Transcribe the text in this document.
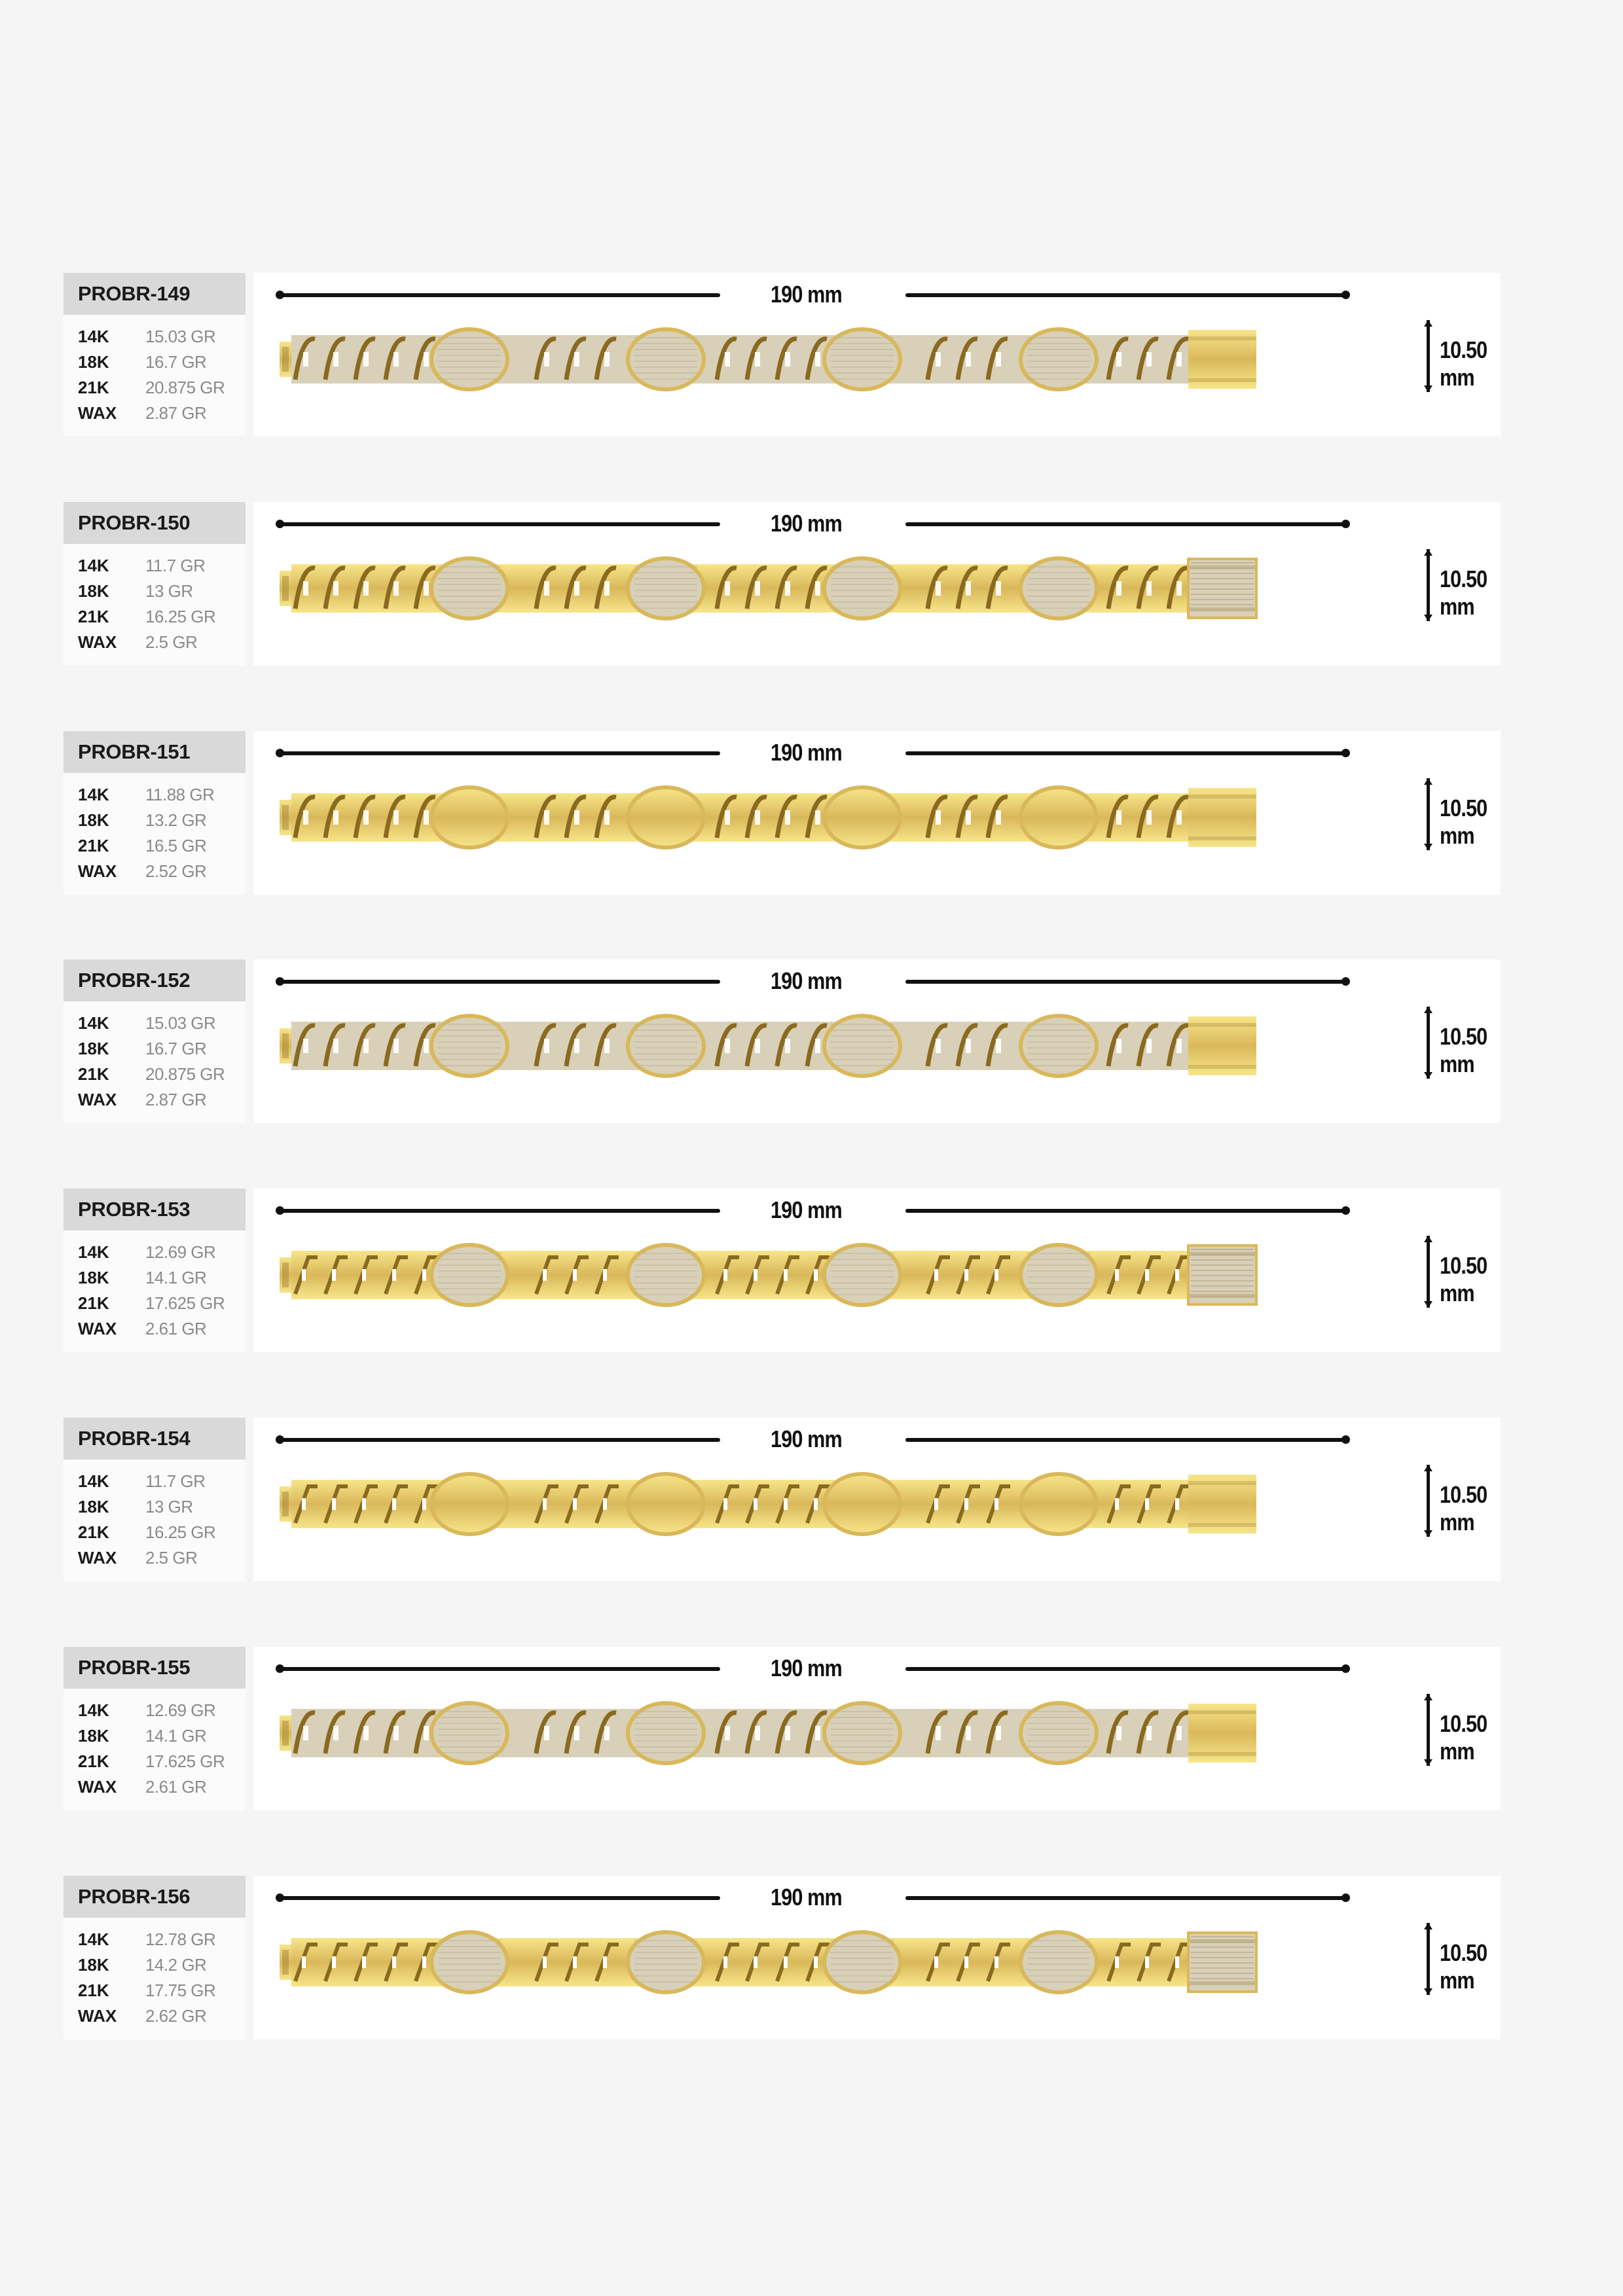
PROBR-149
14K	15.03 GR
18K	16.7 GR
21K	20.875 GR
WAX	2.87 GR
190 mm
10.50 mm
PROBR-150
14K	11.7 GR
18K	13 GR
21K	16.25 GR
WAX	2.5 GR
190 mm
10.50 mm
PROBR-151
14K	11.88 GR
18K	13.2 GR
21K	16.5 GR
WAX	2.52 GR
190 mm
10.50 mm
PROBR-152
14K	15.03 GR
18K	16.7 GR
21K	20.875 GR
WAX	2.87 GR
190 mm
10.50 mm
PROBR-153
14K	12.69 GR
18K	14.1 GR
21K	17.625 GR
WAX	2.61 GR
190 mm
10.50 mm
PROBR-154
14K	11.7 GR
18K	13 GR
21K	16.25 GR
WAX	2.5 GR
190 mm
10.50 mm
PROBR-155
14K	12.69 GR
18K	14.1 GR
21K	17.625 GR
WAX	2.61 GR
190 mm
10.50 mm
PROBR-156
14K	12.78 GR
18K	14.2 GR
21K	17.75 GR
WAX	2.62 GR
190 mm
10.50 mm
